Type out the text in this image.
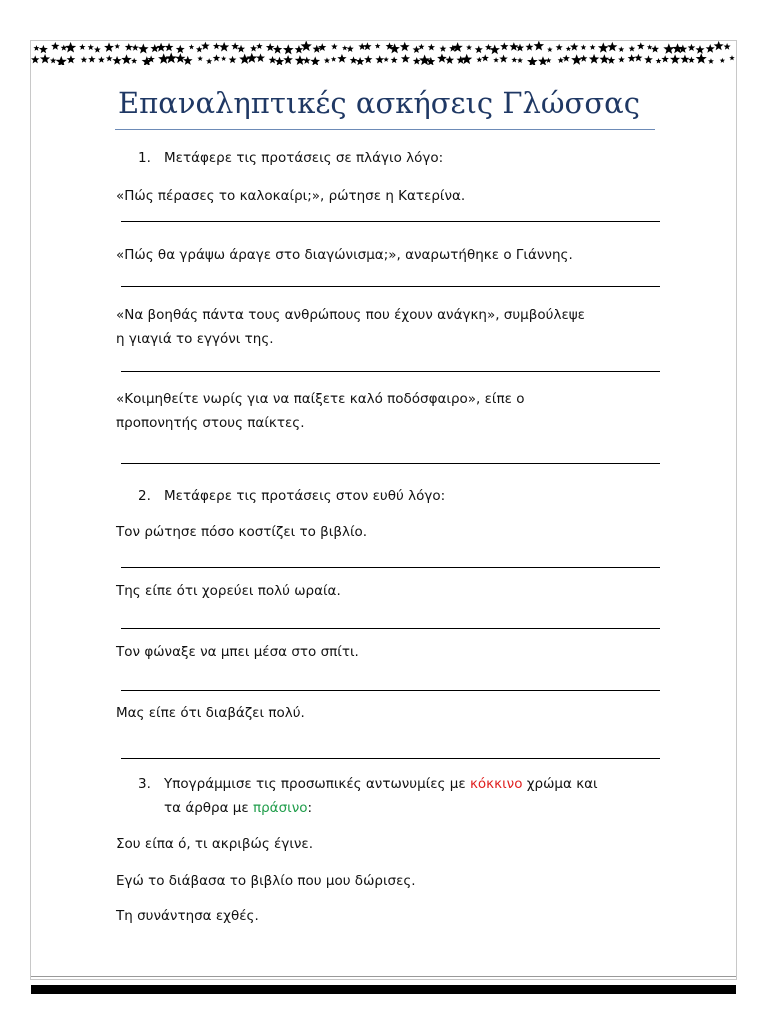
Επαναληπτικές ασκήσεις Γλώσσας
1. Μετάφερε τις προτάσεις σε πλάγιο λόγο:
«Πώς πέρασες το καλοκαίρι;», ρώτησε η Κατερίνα.
«Πώς θα γράψω άραγε στο διαγώνισμα;», αναρωτήθηκε ο Γιάννης.
«Να βοηθάς πάντα τους ανθρώπους που έχουν ανάγκη», συμβούλεψε
η γιαγιά το εγγόνι της.
«Κοιμηθείτε νωρίς για να παίξετε καλό ποδόσφαιρο», είπε ο
προπονητής στους παίκτες.
2. Μετάφερε τις προτάσεις στον ευθύ λόγο:
Τον ρώτησε πόσο κοστίζει το βιβλίο.
Της είπε ότι χορεύει πολύ ωραία.
Τον φώναξε να μπει μέσα στο σπίτι.
Μας είπε ότι διαβάζει πολύ.
3. Υπογράμμισε τις προσωπικές αντωνυμίες με κόκκινο χρώμα και
τα άρθρα με πράσινο:
Σου είπα ό, τι ακριβώς έγινε.
Εγώ το διάβασα το βιβλίο που μου δώρισες.
Τη συνάντησα εχθές.
